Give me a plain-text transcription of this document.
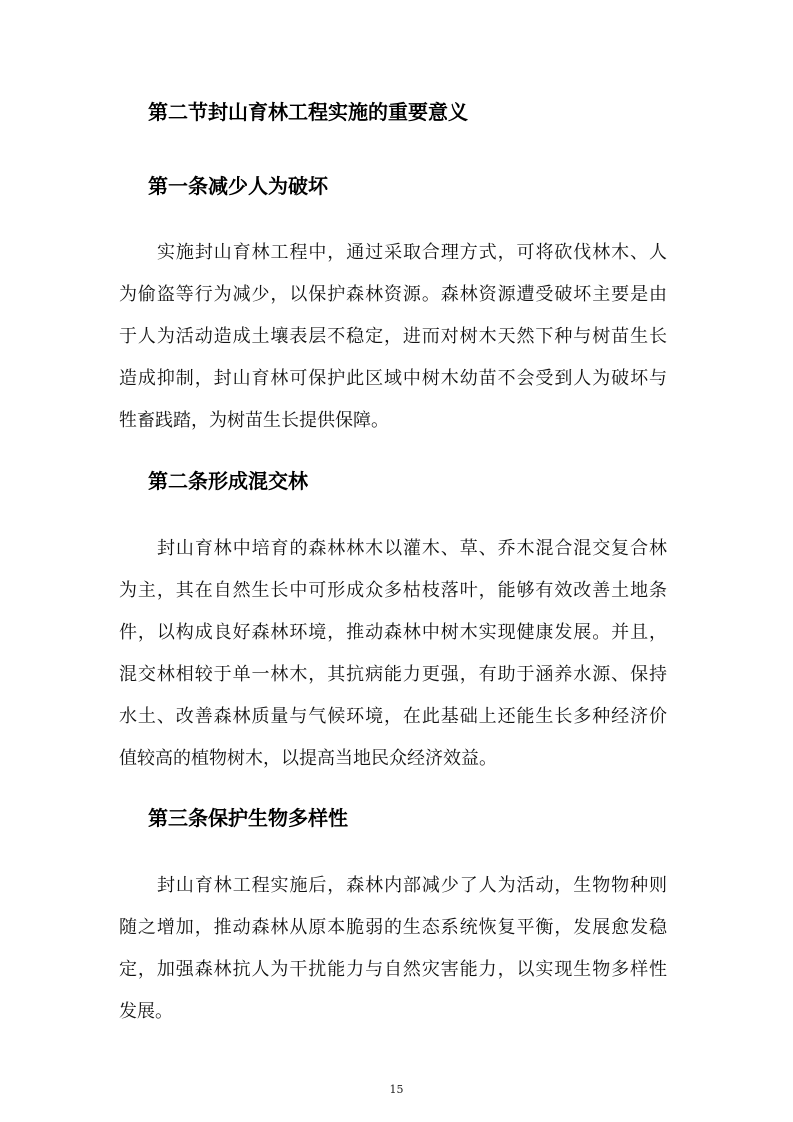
第二节封山育林工程实施的重要意义
第一条减少人为破坏
实施封山育林工程中，通过采取合理方式，可将砍伐林木、人
为偷盗等行为减少，以保护森林资源。森林资源遭受破坏主要是由
于人为活动造成土壤表层不稳定，进而对树木天然下种与树苗生长
造成抑制，封山育林可保护此区域中树木幼苗不会受到人为破坏与
牲畜践踏，为树苗生长提供保障。
第二条形成混交林
封山育林中培育的森林林木以灌木、草、乔木混合混交复合林
为主，其在自然生长中可形成众多枯枝落叶，能够有效改善土地条
件，以构成良好森林环境，推动森林中树木实现健康发展。并且，
混交林相较于单一林木，其抗病能力更强，有助于涵养水源、保持
水土、改善森林质量与气候环境，在此基础上还能生长多种经济价
值较高的植物树木，以提高当地民众经济效益。
第三条保护生物多样性
封山育林工程实施后，森林内部减少了人为活动，生物物种则
随之增加，推动森林从原本脆弱的生态系统恢复平衡，发展愈发稳
定，加强森林抗人为干扰能力与自然灾害能力，以实现生物多样性
发展。
15
